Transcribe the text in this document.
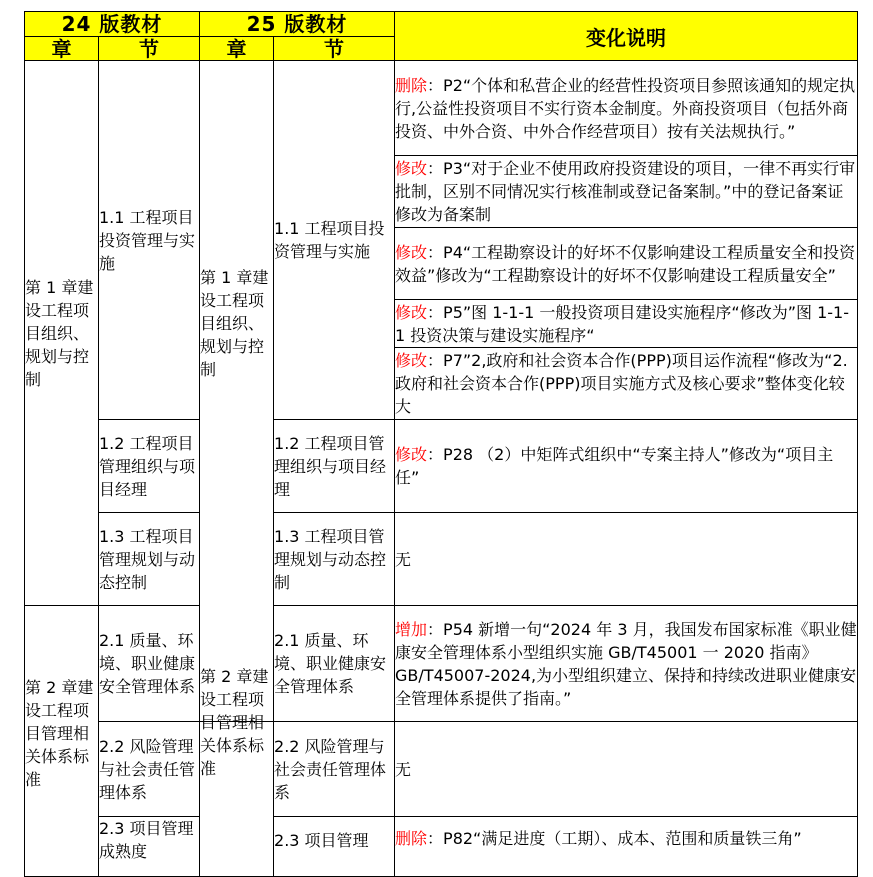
24 版教材		25 版教材		变化说明
章	节	章	节	
第 1 章建设工程项目组织、规划与控制	1.1 工程项目投资管理与实施	第 1 章建设工程项目组织、规划与控制	1.1 工程项目投资管理与实施	删除：P2“个体和私营企业的经营性投资项目参照该通知的规定执行,公益性投资项目不实行资本金制度。外商投资项目（包括外商投资、中外合资、中外合作经营项目）按有关法规执行。”
				修改：P3“对于企业不使用政府投资建设的项目，一律不再实行审批制，区别不同情况实行核准制或登记备案制。”中的登记备案证修改为备案制
				修改：P4“工程勘察设计的好坏不仅影响建设工程质量安全和投资效益”修改为“工程勘察设计的好坏不仅影响建设工程质量安全”
				修改：P5”图 1-1-1 一般投资项目建设实施程序“修改为”图 1-1-1 投资决策与建设实施程序“
				修改：P7”2,政府和社会资本合作(PPP)项目运作流程“修改为“2.政府和社会资本合作(PPP)项目实施方式及核心要求”整体变化较大
	1.2 工程项目管理组织与项目经理		1.2 工程项目管理组织与项目经理	修改：P28 （2）中矩阵式组织中“专案主持人”修改为“项目主任”
	1.3 工程项目管理规划与动态控制		1.3 工程项目管理规划与动态控制	无
第 2 章建设工程项目管理相关体系标准	2.1 质量、环境、职业健康安全管理体系		2.1 质量、环境、职业健康安全管理体系	增加：P54 新增一句“2024 年 3 月，我国发布国家标准《职业健康安全管理体系小型组织实施 GB/T45001 一 2020 指南》GB/T45007-2024,为小型组织建立、保持和持续改进职业健康安全管理体系提供了指南。”
	2.2 风险管理与社会责任管理体系	第 2 章建设工程项目管理相关体系标准	2.2 风险管理与社会责任管理体系	无
	2.3 项目管理成熟度		2.3 项目管理	删除：P82“满足进度（工期）、成本、范围和质量铁三角”
